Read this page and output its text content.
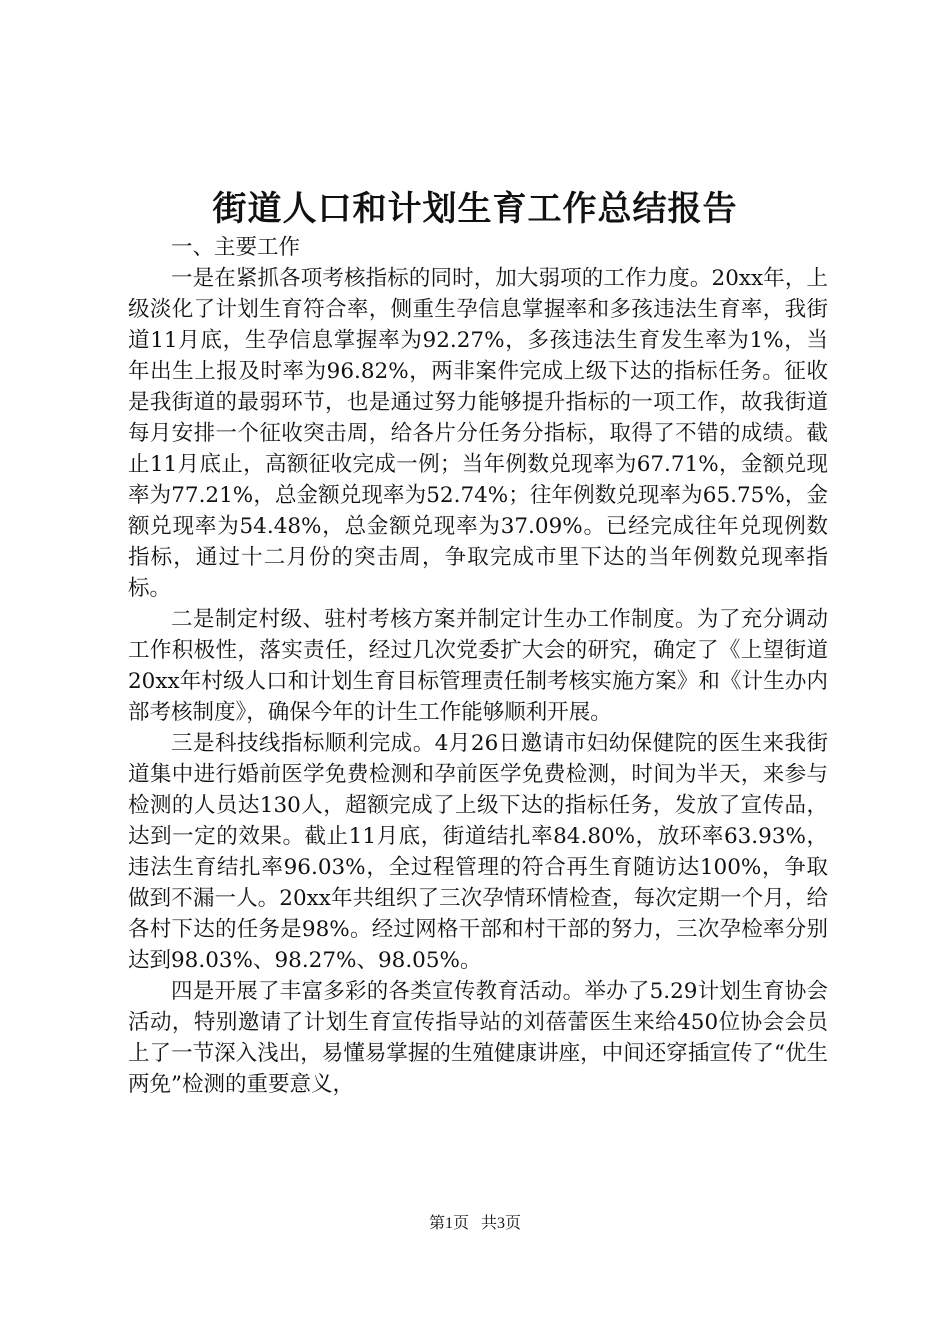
街道人口和计划生育工作总结报告

一、主要工作

一是在紧抓各项考核指标的同时，加大弱项的工作力度。20xx年，上级淡化了计划生育符合率，侧重生孕信息掌握率和多孩违法生育率，我街道11月底，生孕信息掌握率为92.27%，多孩违法生育发生率为1%，当年出生上报及时率为96.82%，两非案件完成上级下达的指标任务。征收是我街道的最弱环节，也是通过努力能够提升指标的一项工作，故我街道每月安排一个征收突击周，给各片分任务分指标，取得了不错的成绩。截止11月底止，高额征收完成一例；当年例数兑现率为67.71%，金额兑现率为77.21%，总金额兑现率为52.74%；往年例数兑现率为65.75%，金额兑现率为54.48%，总金额兑现率为37.09%。已经完成往年兑现例数指标，通过十二月份的突击周，争取完成市里下达的当年例数兑现率指标。

二是制定村级、驻村考核方案并制定计生办工作制度。为了充分调动工作积极性，落实责任，经过几次党委扩大会的研究，确定了《上望街道20xx年村级人口和计划生育目标管理责任制考核实施方案》和《计生办内部考核制度》，确保今年的计生工作能够顺利开展。

三是科技线指标顺利完成。4月26日邀请市妇幼保健院的医生来我街道集中进行婚前医学免费检测和孕前医学免费检测，时间为半天，来参与检测的人员达130人，超额完成了上级下达的指标任务，发放了宣传品，达到一定的效果。截止11月底，街道结扎率84.80%，放环率63.93%，违法生育结扎率96.03%，全过程管理的符合再生育随访达100%，争取做到不漏一人。20xx年共组织了三次孕情环情检查，每次定期一个月，给各村下达的任务是98%。经过网格干部和村干部的努力，三次孕检率分别达到98.03%、98.27%、98.05%。

四是开展了丰富多彩的各类宣传教育活动。举办了5.29计划生育协会活动，特别邀请了计划生育宣传指导站的刘蓓蕾医生来给450位协会会员上了一节深入浅出，易懂易掌握的生殖健康讲座，中间还穿插宣传了“优生两免”检测的重要意义，

第1页 共3页
